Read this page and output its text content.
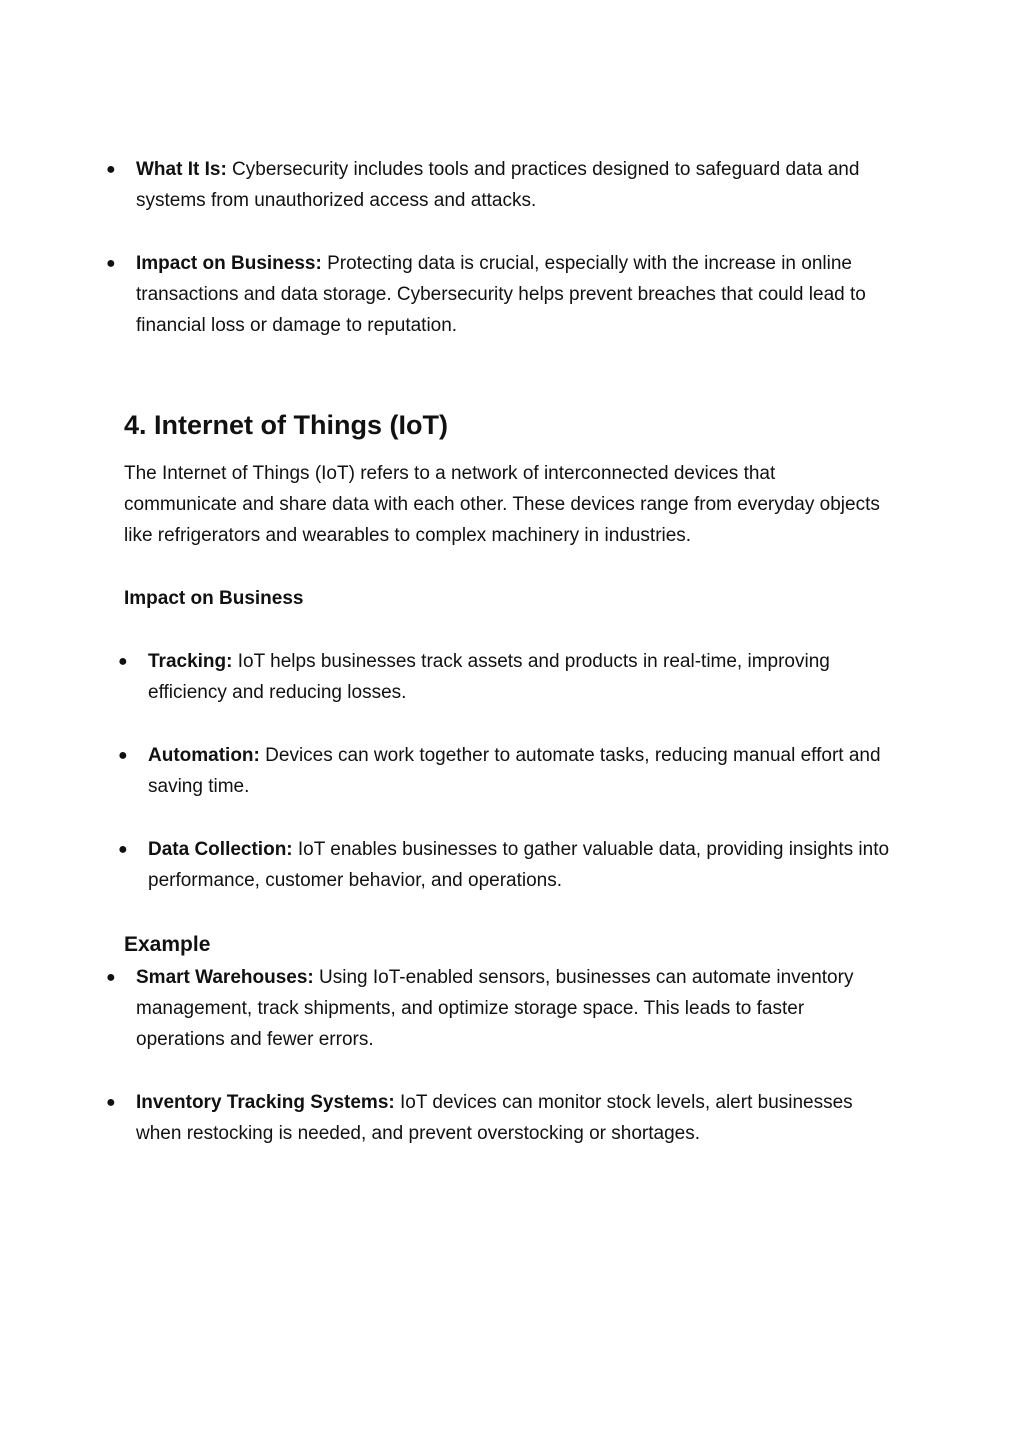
●	What It Is: Cybersecurity includes tools and practices designed to safeguard data and systems from unauthorized access and attacks.
●	Impact on Business: Protecting data is crucial, especially with the increase in online transactions and data storage. Cybersecurity helps prevent breaches that could lead to financial loss or damage to reputation.
4. Internet of Things (IoT)
The Internet of Things (IoT) refers to a network of interconnected devices that communicate and share data with each other. These devices range from everyday objects like refrigerators and wearables to complex machinery in industries.
Impact on Business
●	Tracking: IoT helps businesses track assets and products in real-time, improving efficiency and reducing losses.
●	Automation: Devices can work together to automate tasks, reducing manual effort and saving time.
●	Data Collection: IoT enables businesses to gather valuable data, providing insights into performance, customer behavior, and operations.
Example
●	Smart Warehouses: Using IoT-enabled sensors, businesses can automate inventory management, track shipments, and optimize storage space. This leads to faster operations and fewer errors.
●	Inventory Tracking Systems: IoT devices can monitor stock levels, alert businesses when restocking is needed, and prevent overstocking or shortages.
